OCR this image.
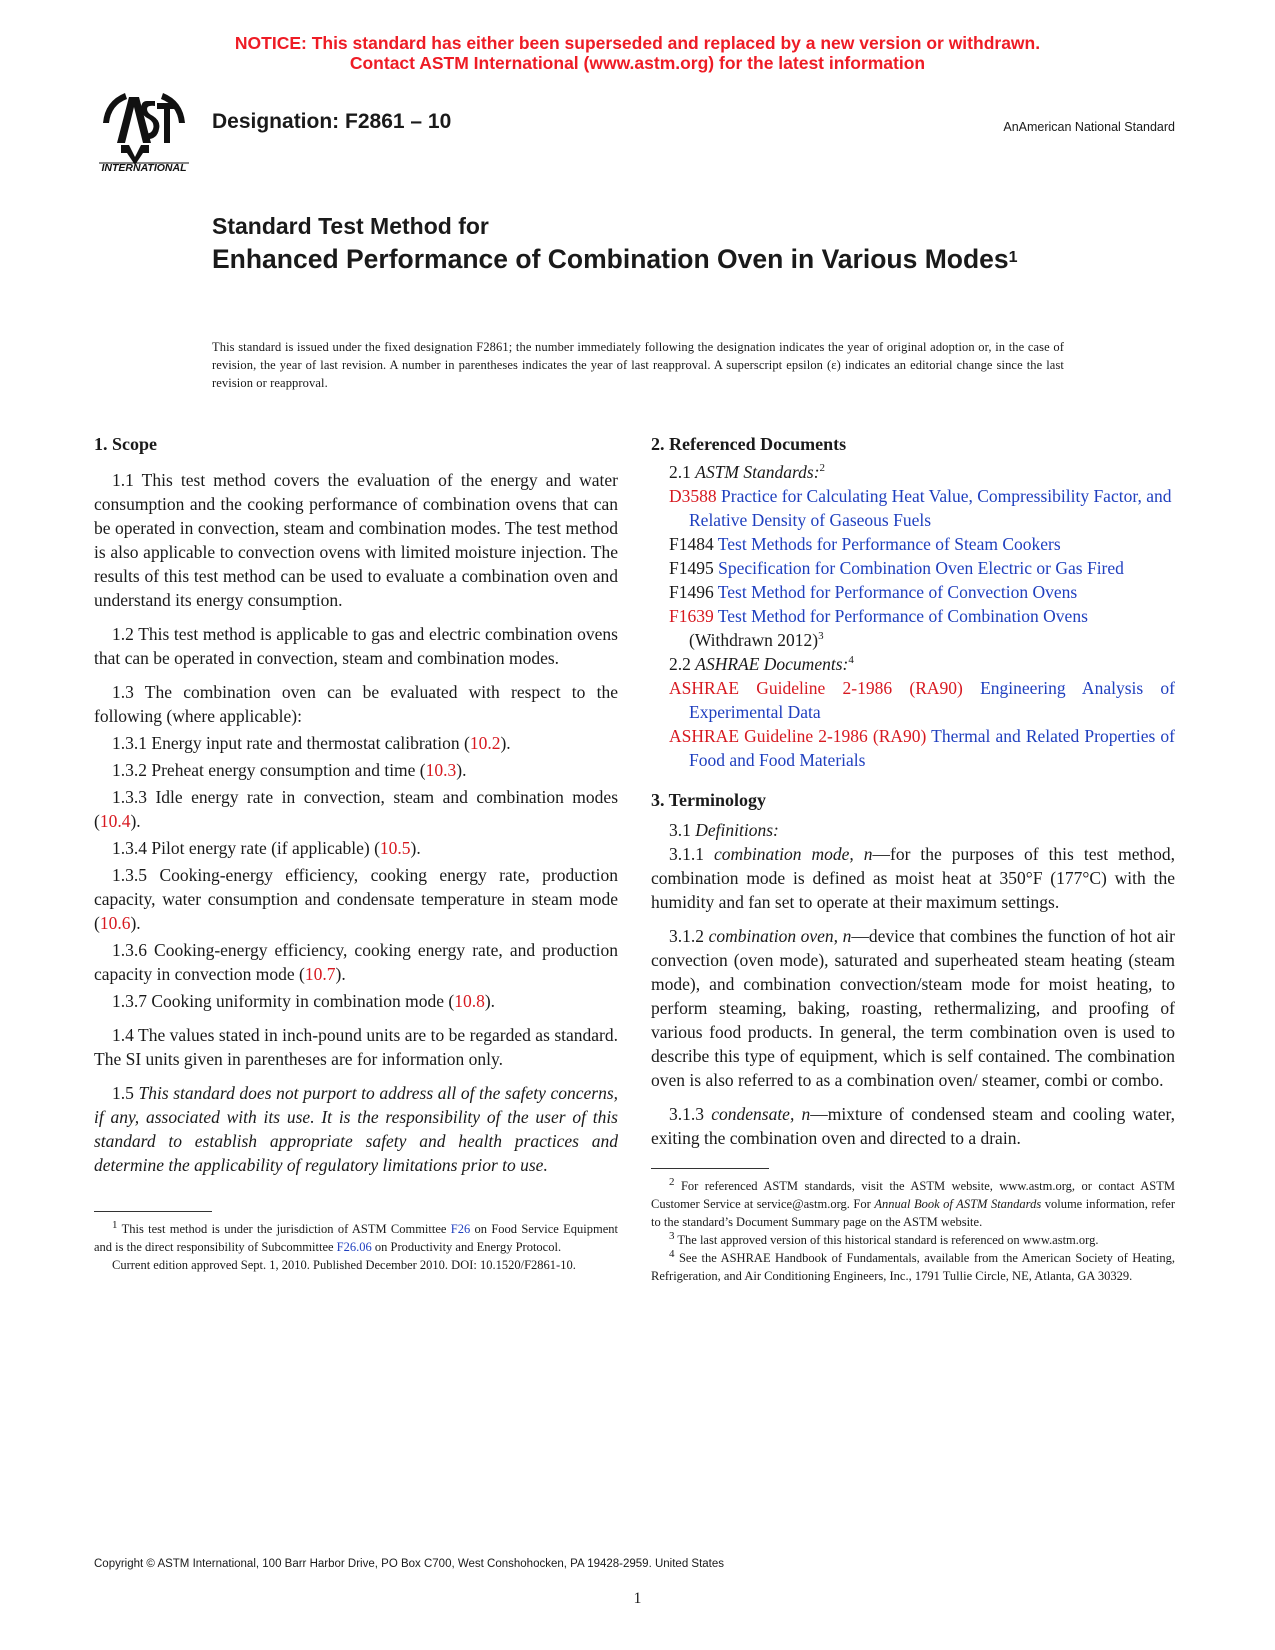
NOTICE: This standard has either been superseded and replaced by a new version or withdrawn.
Contact ASTM International (www.astm.org) for the latest information
INTERNATIONAL
Designation: F2861 – 10	AnAmerican National Standard
Standard Test Method for
Enhanced Performance of Combination Oven in Various Modes$^1$
This standard is issued under the fixed designation F2861; the number immediately following the designation indicates the year of original adoption or, in the case of revision, the year of last revision. A number in parentheses indicates the year of last reapproval. A superscript epsilon (ε) indicates an editorial change since the last revision or reapproval.

1. Scope

1.1 This test method covers the evaluation of the energy and water consumption and the cooking performance of combination ovens that can be operated in convection, steam and combination modes. The test method is also applicable to convection ovens with limited moisture injection. The results of this test method can be used to evaluate a combination oven and understand its energy consumption.

1.2 This test method is applicable to gas and electric combination ovens that can be operated in convection, steam and combination modes.

1.3 The combination oven can be evaluated with respect to the following (where applicable):

1.3.1 Energy input rate and thermostat calibration (10.2).

1.3.2 Preheat energy consumption and time (10.3).

1.3.3 Idle energy rate in convection, steam and combination modes (10.4).

1.3.4 Pilot energy rate (if applicable) (10.5).

1.3.5 Cooking-energy efficiency, cooking energy rate, production capacity, water consumption and condensate temperature in steam mode (10.6).

1.3.6 Cooking-energy efficiency, cooking energy rate, and production capacity in convection mode (10.7).

1.3.7 Cooking uniformity in combination mode (10.8).

1.4 The values stated in inch-pound units are to be regarded as standard. The SI units given in parentheses are for information only.

1.5 This standard does not purport to address all of the safety concerns, if any, associated with its use. It is the responsibility of the user of this standard to establish appropriate safety and health practices and determine the applicability of regulatory limitations prior to use.

1 This test method is under the jurisdiction of ASTM Committee F26 on Food Service Equipment and is the direct responsibility of Subcommittee F26.06 on Productivity and Energy Protocol.

Current edition approved Sept. 1, 2010. Published December 2010. DOI: 10.1520/F2861-10.

2. Referenced Documents

2.1 ASTM Standards:$^2$

D3588 Practice for Calculating Heat Value, Compressibility Factor, and Relative Density of Gaseous Fuels

F1484 Test Methods for Performance of Steam Cookers

F1495 Specification for Combination Oven Electric or Gas Fired

F1496 Test Method for Performance of Convection Ovens

F1639 Test Method for Performance of Combination Ovens (Withdrawn 2012)$^3$

2.2 ASHRAE Documents:$^4$

ASHRAE Guideline 2-1986 (RA90) Engineering Analysis of Experimental Data

ASHRAE Guideline 2-1986 (RA90) Thermal and Related Properties of Food and Food Materials

3. Terminology

3.1 Definitions:

3.1.1 combination mode, n—for the purposes of this test method, combination mode is defined as moist heat at 350°F (177°C) with the humidity and fan set to operate at their maximum settings.

3.1.2 combination oven, n—device that combines the function of hot air convection (oven mode), saturated and superheated steam heating (steam mode), and combination convection/steam mode for moist heating, to perform steaming, baking, roasting, rethermalizing, and proofing of various food products. In general, the term combination oven is used to describe this type of equipment, which is self contained. The combination oven is also referred to as a combination oven/ steamer, combi or combo.

3.1.3 condensate, n—mixture of condensed steam and cooling water, exiting the combination oven and directed to a drain.

2 For referenced ASTM standards, visit the ASTM website, www.astm.org, or contact ASTM Customer Service at service@astm.org. For Annual Book of ASTM Standards volume information, refer to the standard’s Document Summary page on the ASTM website.

3 The last approved version of this historical standard is referenced on www.astm.org.

4 See the ASHRAE Handbook of Fundamentals, available from the American Society of Heating, Refrigeration, and Air Conditioning Engineers, Inc., 1791 Tullie Circle, NE, Atlanta, GA 30329.

Copyright © ASTM International, 100 Barr Harbor Drive, PO Box C700, West Conshohocken, PA 19428-2959. United States
1
